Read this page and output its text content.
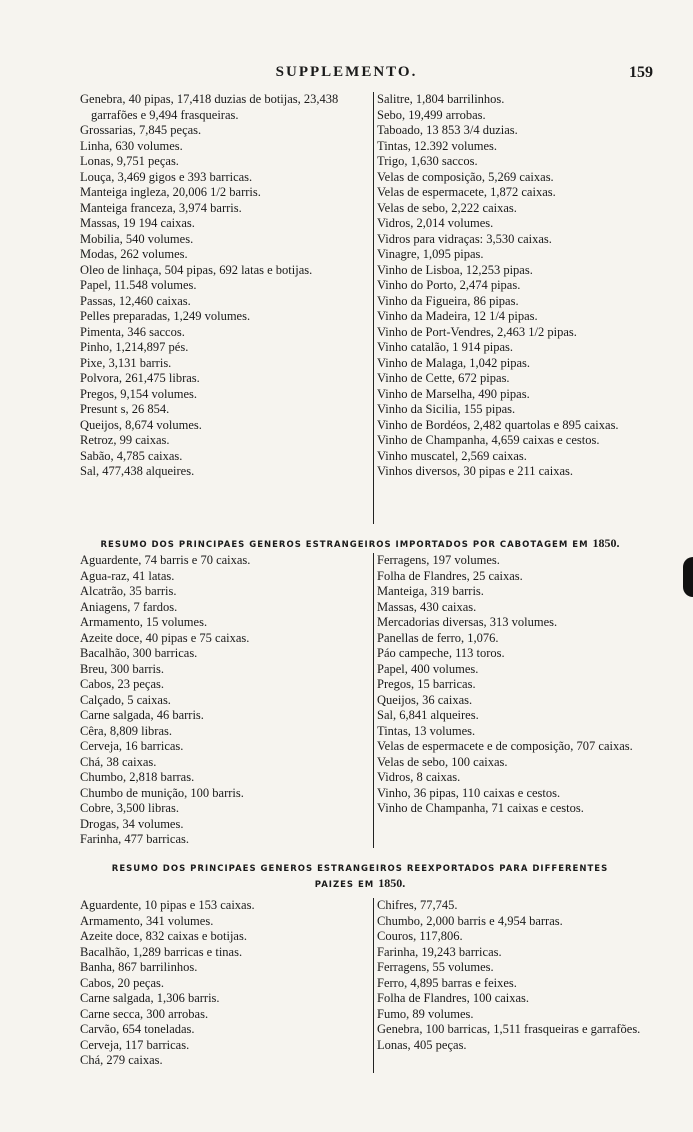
SUPPLEMENTO.	159
Genebra, 40 pipas, 17,418 duzias de botijas, 23,438 garrafões e 9,494 frasqueiras.
Grossarias, 7,845 peças.
Linha, 630 volumes.
Lonas, 9,751 peças.
Louça, 3,469 gigos e 393 barricas.
Manteiga ingleza, 20,006 1/2 barris.
Manteiga franceza, 3,974 barris.
Massas, 19 194 caixas.
Mobilia, 540 volumes.
Modas, 262 volumes.
Oleo de linhaça, 504 pipas, 692 latas e botijas.
Papel, 11.548 volumes.
Passas, 12,460 caixas.
Pelles preparadas, 1,249 volumes.
Pimenta, 346 saccos.
Pinho, 1,214,897 pés.
Pixe, 3,131 barris.
Polvora, 261,475 libras.
Pregos, 9,154 volumes.
Presunt s, 26 854.
Queijos, 8,674 volumes.
Retroz, 99 caixas.
Sabão, 4,785 caixas.
Sal, 477,438 alqueires.
Salitre, 1,804 barrilinhos.
Sebo, 19,499 arrobas.
Taboado, 13 853 3/4 duzias.
Tintas, 12.392 volumes.
Trigo, 1,630 saccos.
Velas de composição, 5,269 caixas.
Velas de espermacete, 1,872 caixas.
Velas de sebo, 2,222 caixas.
Vidros, 2,014 volumes.
Vidros para vidraças: 3,530 caixas.
Vinagre, 1,095 pipas.
Vinho de Lisboa, 12,253 pipas.
Vinho do Porto, 2,474 pipas.
Vinho da Figueira, 86 pipas.
Vinho da Madeira, 12 1/4 pipas.
Vinho de Port-Vendres, 2,463 1/2 pipas.
Vinho catalão, 1 914 pipas.
Vinho de Malaga, 1,042 pipas.
Vinho de Cette, 672 pipas.
Vinho de Marselha, 490 pipas.
Vinho da Sicilia, 155 pipas.
Vinho de Bordéos, 2,482 quartolas e 895 caixas.
Vinho de Champanha, 4,659 caixas e cestos.
Vinho muscatel, 2,569 caixas.
Vinhos diversos, 30 pipas e 211 caixas.
RESUMO DOS PRINCIPAES GENEROS ESTRANGEIROS IMPORTADOS POR CABOTAGEM EM 1850.
Aguardente, 74 barris e 70 caixas.
Agua-raz, 41 latas.
Alcatrão, 35 barris.
Aniagens, 7 fardos.
Armamento, 15 volumes.
Azeite doce, 40 pipas e 75 caixas.
Bacalhão, 300 barricas.
Breu, 300 barris.
Cabos, 23 peças.
Calçado, 5 caixas.
Carne salgada, 46 barris.
Cêra, 8,809 libras.
Cerveja, 16 barricas.
Chá, 38 caixas.
Chumbo, 2,818 barras.
Chumbo de munição, 100 barris.
Cobre, 3,500 libras.
Drogas, 34 volumes.
Farinha, 477 barricas.
Ferragens, 197 volumes.
Folha de Flandres, 25 caixas.
Manteiga, 319 barris.
Massas, 430 caixas.
Mercadorias diversas, 313 volumes.
Panellas de ferro, 1,076.
Páo campeche, 113 toros.
Papel, 400 volumes.
Pregos, 15 barricas.
Queijos, 36 caixas.
Sal, 6,841 alqueires.
Tintas, 13 volumes.
Velas de espermacete e de composição, 707 caixas.
Velas de sebo, 100 caixas.
Vidros, 8 caixas.
Vinho, 36 pipas, 110 caixas e cestos.
Vinho de Champanha, 71 caixas e cestos.
RESUMO DOS PRINCIPAES GENEROS ESTRANGEIROS REEXPORTADOS PARA DIFFERENTES
PAIZES EM 1850.
Aguardente, 10 pipas e 153 caixas.
Armamento, 341 volumes.
Azeite doce, 832 caixas e botijas.
Bacalhão, 1,289 barricas e tinas.
Banha, 867 barrilinhos.
Cabos, 20 peças.
Carne salgada, 1,306 barris.
Carne secca, 300 arrobas.
Carvão, 654 toneladas.
Cerveja, 117 barricas.
Chá, 279 caixas.
Chifres, 77,745.
Chumbo, 2,000 barris e 4,954 barras.
Couros, 117,806.
Farinha, 19,243 barricas.
Ferragens, 55 volumes.
Ferro, 4,895 barras e feixes.
Folha de Flandres, 100 caixas.
Fumo, 89 volumes.
Genebra, 100 barricas, 1,511 frasqueiras e garrafões.
Lonas, 405 peças.
